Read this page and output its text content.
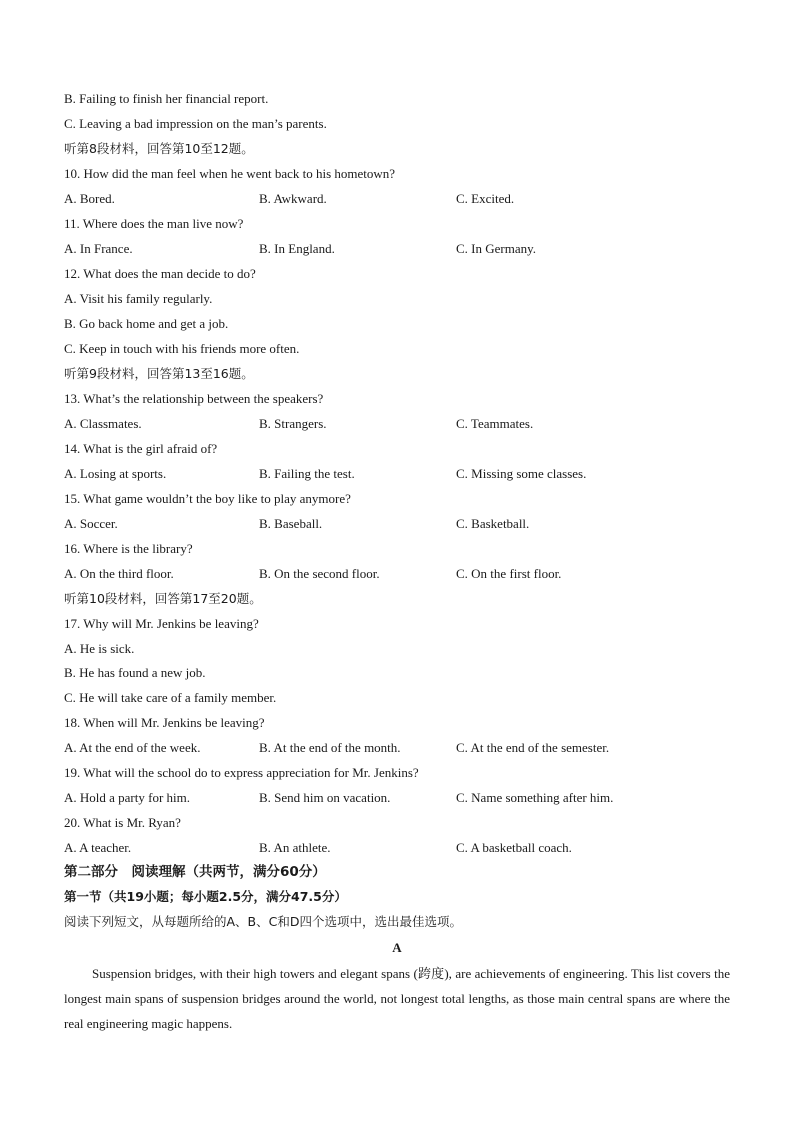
B. Failing to finish her financial report.
C. Leaving a bad impression on the man’s parents.
听第8段材料，回答第10至12题。
10. How did the man feel when he went back to his hometown?
A. Bored.	B. Awkward.	C. Excited.
11. Where does the man live now?
A. In France.	B. In England.	C. In Germany.
12. What does the man decide to do?
A. Visit his family regularly.
B. Go back home and get a job.
C. Keep in touch with his friends more often.
听第9段材料，回答第13至16题。
13. What’s the relationship between the speakers?
A. Classmates.	B. Strangers.	C. Teammates.
14. What is the girl afraid of?
A. Losing at sports.	B. Failing the test.	C. Missing some classes.
15. What game wouldn’t the boy like to play anymore?
A. Soccer.	B. Baseball.	C. Basketball.
16. Where is the library?
A. On the third floor.	B. On the second floor.	C. On the first floor.
听第10段材料，回答第17至20题。
17. Why will Mr. Jenkins be leaving?
A. He is sick.
B. He has found a new job.
C. He will take care of a family member.
18. When will Mr. Jenkins be leaving?
A. At the end of the week.	B. At the end of the month.	C. At the end of the semester.
19. What will the school do to express appreciation for Mr. Jenkins?
A. Hold a party for him.	B. Send him on vacation.	C. Name something after him.
20. What is Mr. Ryan?
A. A teacher.	B. An athlete.	C. A basketball coach.
第二部分　阅读理解（共两节，满分60分）
第一节（共19小题；每小题2.5分，满分47.5分）
阅读下列短文，从每题所给的A、B、C和D四个选项中，选出最佳选项。
A
Suspension bridges, with their high towers and elegant spans (跨度), are achievements of engineering. This list covers the longest main spans of suspension bridges around the world, not longest total lengths, as those main central spans are where the real engineering magic happens.
